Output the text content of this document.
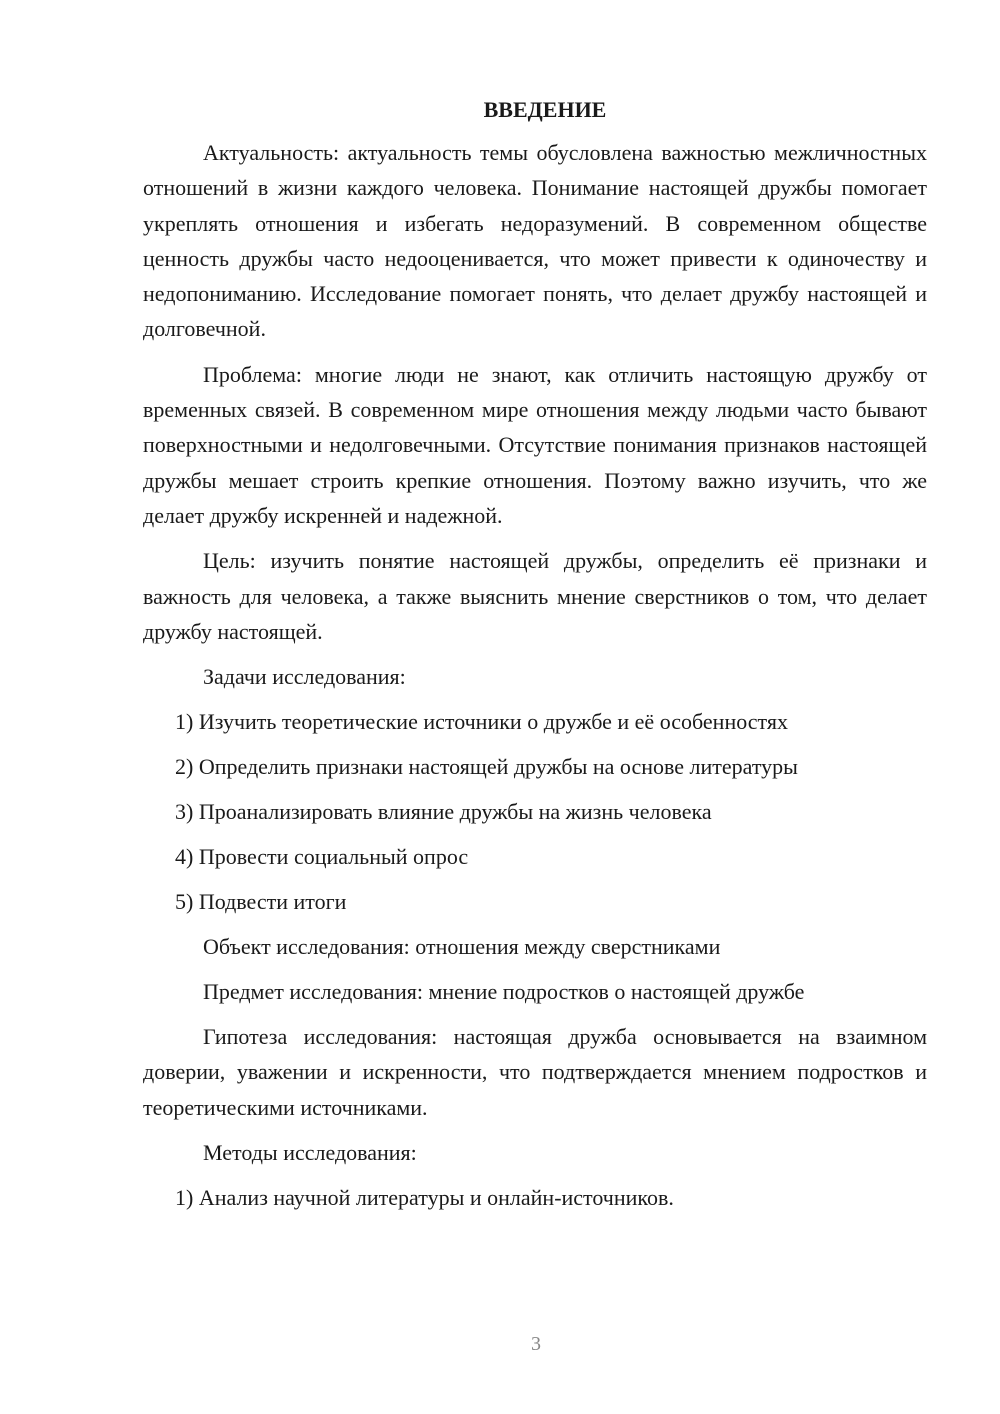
ВВЕДЕНИЕ

Актуальность: актуальность темы обусловлена важностью межличностных отношений в жизни каждого человека. Понимание настоящей дружбы помогает укреплять отношения и избегать недоразумений. В современном обществе ценность дружбы часто недооценивается, что может привести к одиночеству и недопониманию. Исследование помогает понять, что делает дружбу настоящей и долговечной.

Проблема: многие люди не знают, как отличить настоящую дружбу от временных связей. В современном мире отношения между людьми часто бывают поверхностными и недолговечными. Отсутствие понимания признаков настоящей дружбы мешает строить крепкие отношения. Поэтому важно изучить, что же делает дружбу искренней и надежной.

Цель: изучить понятие настоящей дружбы, определить её признаки и важность для человека, а также выяснить мнение сверстников о том, что делает дружбу настоящей.

Задачи исследования:
1) Изучить теоретические источники о дружбе и её особенностях
2) Определить признаки настоящей дружбы на основе литературы
3) Проанализировать влияние дружбы на жизнь человека
4) Провести социальный опрос
5) Подвести итоги
Объект исследования: отношения между сверстниками
Предмет исследования: мнение подростков о настоящей дружбе

Гипотеза исследования: настоящая дружба основывается на взаимном доверии, уважении и искренности, что подтверждается мнением подростков и теоретическими источниками.

Методы исследования:
1) Анализ научной литературы и онлайн-источников.
3
